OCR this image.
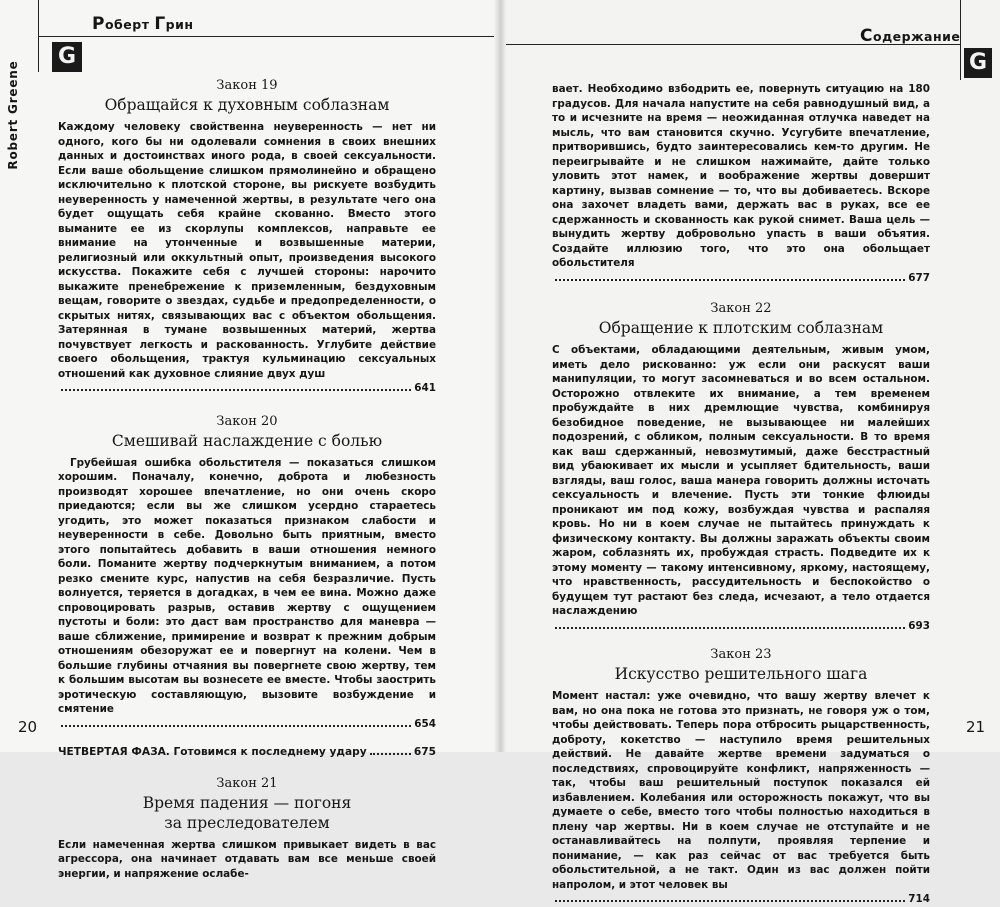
Роберт Грин
G
Robert Greene	Закон 19
Обращайся к духовным соблазнам

Каждому человеку свойственна неуверенность — нет ни одного, кого бы ни одолевали сомнения в своих внешних данных и достоинствах иного рода, в своей сексуальности. Если ваше обольщение слишком прямолинейно и обращено исключительно к плотской стороне, вы рискуете возбудить неуверенность у намеченной жертвы, в результате чего она будет ощущать себя крайне скованно. Вместо этого выманите ее из скорлупы комплексов, направьте ее внимание на утонченные и возвышенные материи, религиозный или оккультный опыт, произведения высокого искусства. Покажите себя с лучшей стороны: нарочито выкажите пренебрежение к приземленным, бездуховным вещам, говорите о звездах, судьбе и предопределенности, о скрытых нитях, связывающих вас с объектом обольщения. Затерянная в тумане возвышенных материй, жертва почувствует легкость и раскованность. Углубите действие своего обольщения, трактуя кульминацию сексуальных отношений как духовное слияние двух душ

641
Закон 20
Смешивай наслаждение с болью

Грубейшая ошибка обольстителя — показаться слишком хорошим. Поначалу, конечно, доброта и любезность производят хорошее впечатление, но они очень скоро приедаются; если вы же слишком усердно стараетесь угодить, это может показаться признаком слабости и неуверенности в себе. Довольно быть приятным, вместо этого попытайтесь добавить в ваши отношения немного боли. Поманите жертву подчеркнутым вниманием, а потом резко смените курс, напустив на себя безразличие. Пусть волнуется, теряется в догадках, в чем ее вина. Можно даже спровоцировать разрыв, оставив жертву с ощущением пустоты и боли: это даст вам пространство для маневра — ваше сближение, примирение и возврат к прежним добрым отношениям обезоружат ее и повергнут на колени. Чем в большие глубины отчаяния вы повергнете свою жертву, тем к большим высотам вы вознесете ее вместе. Чтобы заострить эротическую составляющую, вызовите возбуждение и смятение

654
ЧЕТВЕРТАЯ ФАЗА. Готовимся к последнему удару	675
Закон 21
Время падения — погоня
за преследователем

Если намеченная жертва слишком привыкает видеть в вас агрессора, она начинает отдавать вам все меньше своей энергии, и напряжение ослабе-

20
Содержание
G

вает. Необходимо взбодрить ее, повернуть ситуацию на 180 градусов. Для начала напустите на себя равнодушный вид, а то и исчезните на время — неожиданная отлучка наведет на мысль, что вам становится скучно. Усугубите впечатление, притворившись, будто заинтересовались кем-то другим. Не переигрывайте и не слишком нажимайте, дайте только уловить этот намек, и воображение жертвы довершит картину, вызвав сомнение — то, что вы добиваетесь. Вскоре она захочет владеть вами, держать вас в руках, все ее сдержанность и скованность как рукой снимет. Ваша цель — вынудить жертву добровольно упасть в ваши объятия. Создайте иллюзию того, что это она обольщает обольстителя

677
Закон 22
Обращение к плотским соблазнам

С объектами, обладающими деятельным, живым умом, иметь дело рискованно: уж если они раскусят ваши манипуляции, то могут засомневаться и во всем остальном. Осторожно отвлеките их внимание, а тем временем пробуждайте в них дремлющие чувства, комбинируя безобидное поведение, не вызывающее ни малейших подозрений, с обликом, полным сексуальности. В то время как ваш сдержанный, невозмутимый, даже бесстрастный вид убаюкивает их мысли и усыпляет бдительность, ваши взгляды, ваш голос, ваша манера говорить должны источать сексуальность и влечение. Пусть эти тонкие флюиды проникают им под кожу, возбуждая чувства и распаляя кровь. Но ни в коем случае не пытайтесь принуждать к физическому контакту. Вы должны заражать объекты своим жаром, соблазнять их, пробуждая страсть. Подведите их к этому моменту — такому интенсивному, яркому, настоящему, что нравственность, рассудительность и беспокойство о будущем тут растают без следа, исчезают, а тело отдается наслаждению

693
Закон 23
Искусство решительного шага

Момент настал: уже очевидно, что вашу жертву влечет к вам, но она пока не готова это признать, не говоря уж о том, чтобы действовать. Теперь пора отбросить рыцарственность, доброту, кокетство — наступило время решительных действий. Не давайте жертве времени задуматься о последствиях, спровоцируйте конфликт, напряженность — так, чтобы ваш решительный поступок показался ей избавлением. Колебания или осторожность покажут, что вы думаете о себе, вместо того чтобы полностью находиться в плену чар жертвы. Ни в коем случае не отступайте и не останавливайтесь на полпути, проявляя терпение и понимание, — как раз сейчас от вас требуется быть обольстительной, а не такт. Один из вас должен пойти напролом, и этот человек вы

714
21
